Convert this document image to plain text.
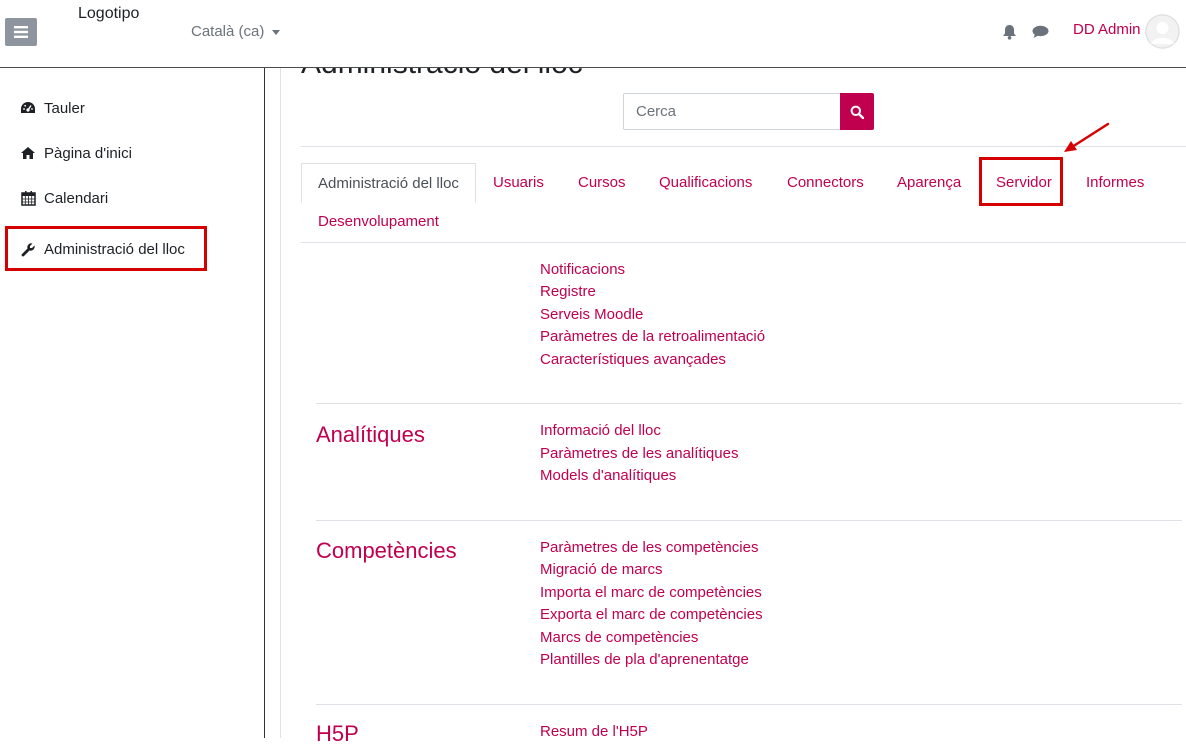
Logotipo
Català (ca)	DD Admin
Tauler
Pàgina d'inici
Calendari
Administració del lloc
Cerca
Administració del lloc Usuaris Cursos Qualificacions Connectors Aparença Servidor Informes
Desenvolupament
Notificacions
Registre
Serveis Moodle
Paràmetres de la retroalimentació
Característiques avançades
Analítiques	Informació del lloc
Paràmetres de les analítiques
Models d'analítiques
Competències	Paràmetres de les competències
Migració de marcs
Importa el marc de competències
Exporta el marc de competències
Marcs de competències
Plantilles de pla d'aprenentatge
H5P	Resum de l'H5P
